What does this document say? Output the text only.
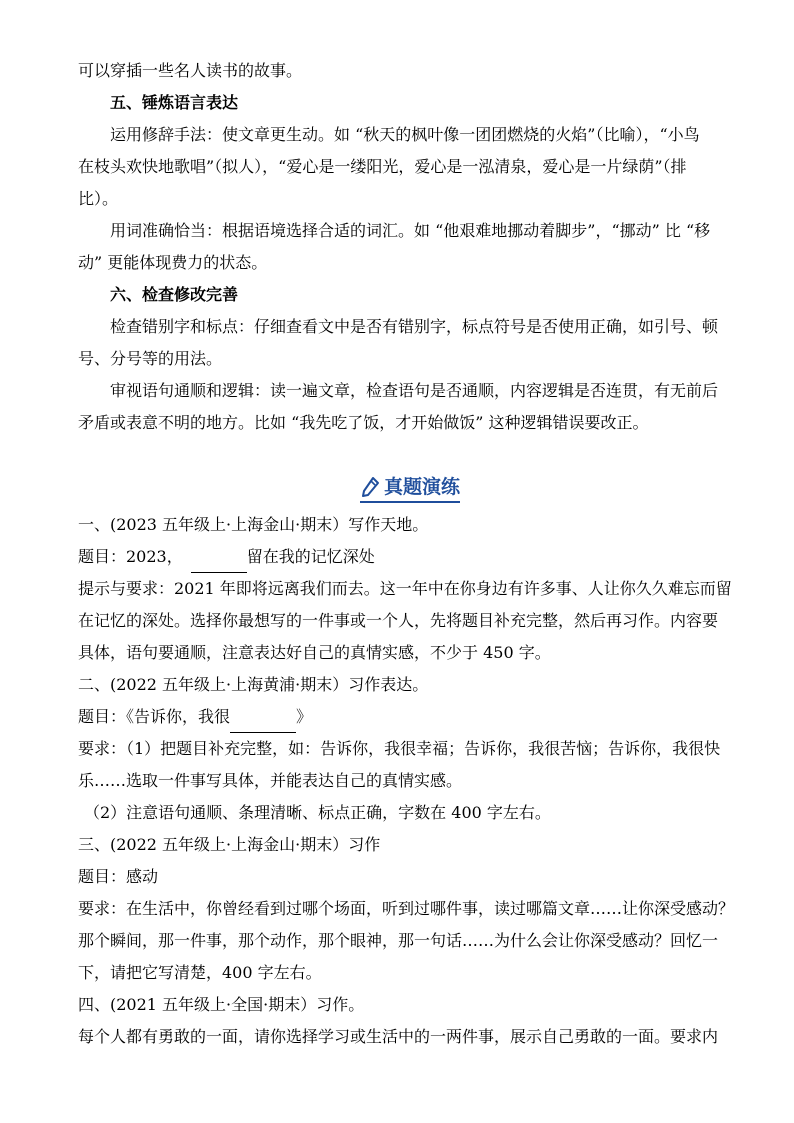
可以穿插一些名人读书的故事。
五、锤炼语言表达
运用修辞手法：使文章更生动。如 “秋天的枫叶像一团团燃烧的火焰”（比喻），“小鸟
在枝头欢快地歌唱”（拟人），“爱心是一缕阳光，爱心是一泓清泉，爱心是一片绿荫”（排
比）。
用词准确恰当：根据语境选择合适的词汇。如 “他艰难地挪动着脚步”，“挪动” 比 “移
动” 更能体现费力的状态。
六、检查修改完善
检查错别字和标点：仔细查看文中是否有错别字，标点符号是否使用正确，如引号、顿
号、分号等的用法。
审视语句通顺和逻辑：读一遍文章，检查语句是否通顺，内容逻辑是否连贯，有无前后
矛盾或表意不明的地方。比如 “我先吃了饭，才开始做饭” 这种逻辑错误要改正。
真题演练
一、(2023 五年级上·上海金山·期末）写作天地。
题目：2023，	留在我的记忆深处
提示与要求：2021 年即将远离我们而去。这一年中在你身边有许多事、人让你久久难忘而留
在记忆的深处。选择你最想写的一件事或一个人，先将题目补充完整，然后再习作。内容要
具体，语句要通顺，注意表达好自己的真情实感，不少于 450 字。
二、(2022 五年级上·上海黄浦·期末）习作表达。
题目：《告诉你，我很	》
要求：（1）把题目补充完整，如：告诉你，我很幸福；告诉你，我很苦恼；告诉你，我很快
乐……选取一件事写具体，并能表达自己的真情实感。
（2）注意语句通顺、条理清晰、标点正确，字数在 400 字左右。
三、(2022 五年级上·上海金山·期末）习作
题目：感动
要求：在生活中，你曾经看到过哪个场面，听到过哪件事，读过哪篇文章……让你深受感动？
那个瞬间，那一件事，那个动作，那个眼神，那一句话……为什么会让你深受感动？回忆一
下，请把它写清楚，400 字左右。
四、(2021 五年级上·全国·期末）习作。
每个人都有勇敢的一面，请你选择学习或生活中的一两件事，展示自己勇敢的一面。要求内
